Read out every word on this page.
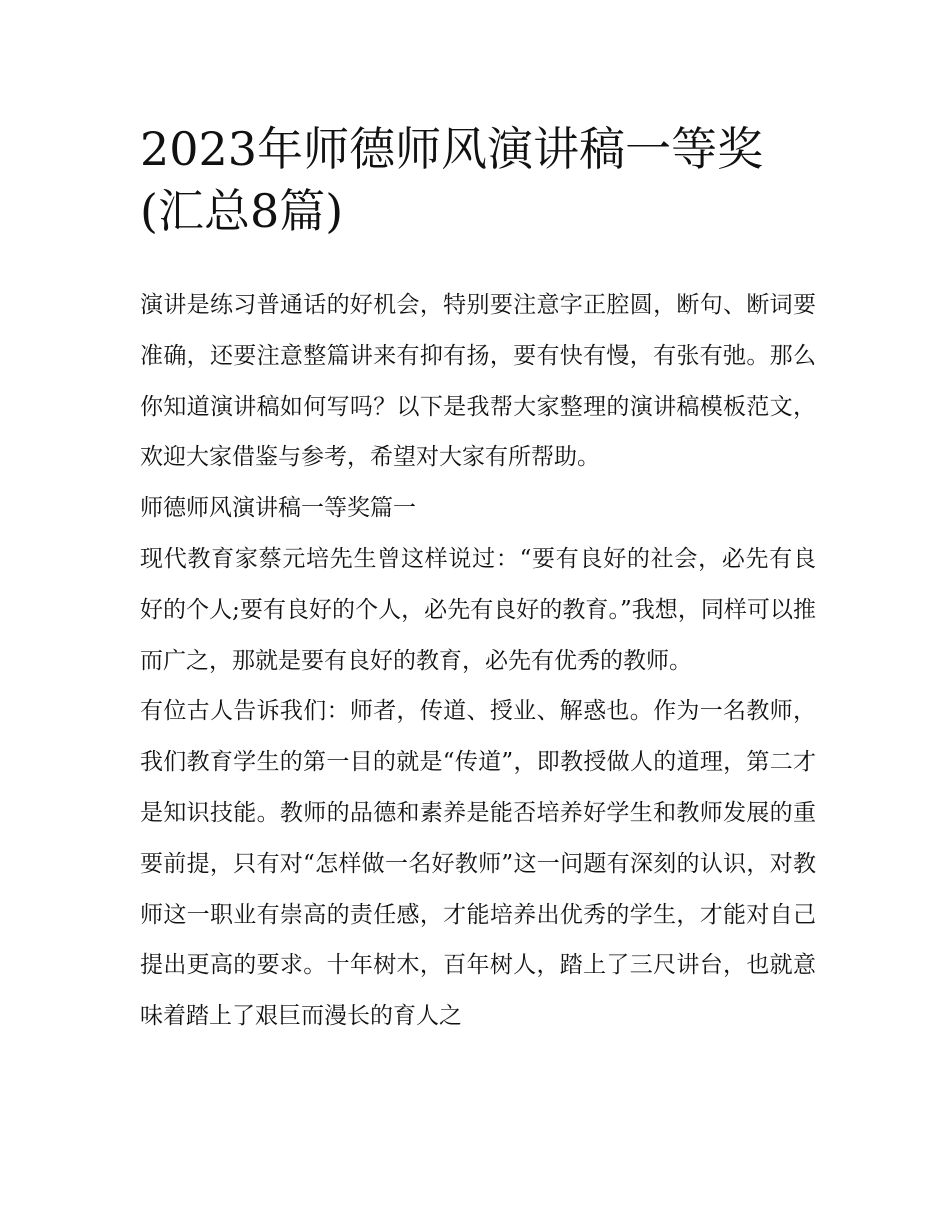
2023年师德师风演讲稿一等奖(汇总8篇)

演讲是练习普通话的好机会，特别要注意字正腔圆，断句、断词要准确，还要注意整篇讲来有抑有扬，要有快有慢，有张有弛。那么你知道演讲稿如何写吗？以下是我帮大家整理的演讲稿模板范文，欢迎大家借鉴与参考，希望对大家有所帮助。

师德师风演讲稿一等奖篇一

现代教育家蔡元培先生曾这样说过：“要有良好的社会，必先有良好的个人;要有良好的个人，必先有良好的教育。”我想，同样可以推而广之，那就是要有良好的教育，必先有优秀的教师。

有位古人告诉我们：师者，传道、授业、解惑也。作为一名教师，我们教育学生的第一目的就是“传道”，即教授做人的道理，第二才是知识技能。教师的品德和素养是能否培养好学生和教师发展的重要前提，只有对“怎样做一名好教师”这一问题有深刻的认识，对教师这一职业有崇高的责任感，才能培养出优秀的学生，才能对自己提出更高的要求。十年树木，百年树人，踏上了三尺讲台，也就意味着踏上了艰巨而漫长的育人之
